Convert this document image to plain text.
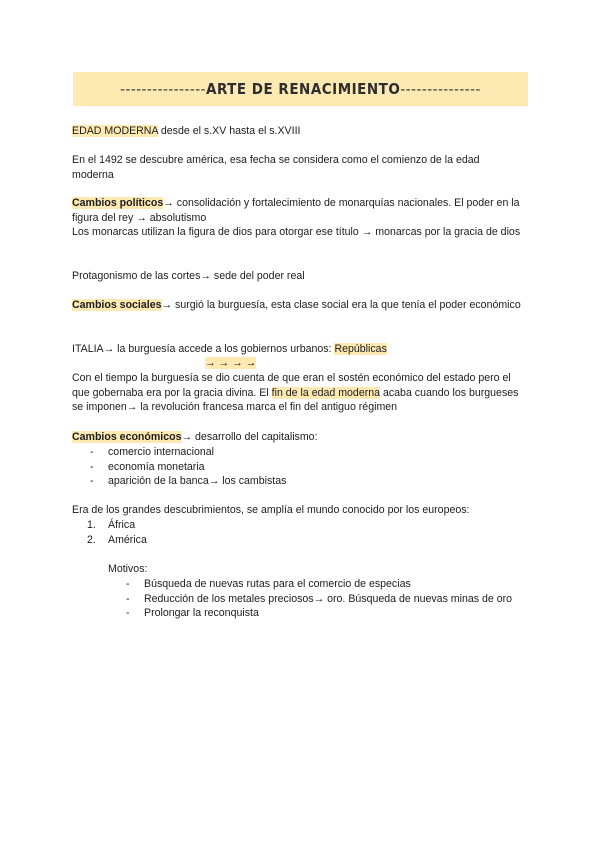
---------------- ARTE DE RENACIMIENTO ---------------

EDAD MODERNA desde el s.XV hasta el s.XVIII

En el 1492 se descubre américa, esa fecha se considera como el comienzo de la edad moderna

Cambios políticos→ consolidación y fortalecimiento de monarquías nacionales. El poder en la figura del rey → absolutismo
Los monarcas utilizan la figura de dios para otorgar ese título → monarcas por la gracia de dios

Protagonismo de las cortes→ sede del poder real

Cambios sociales→ surgió la burguesía, esta clase social era la que tenía el poder económico

ITALIA→ la burguesía accede a los gobiernos urbanos: Repúblicas

→ → → →

Con el tiempo la burguesía se dio cuenta de que eran el sostén económico del estado pero el que gobernaba era por la gracia divina. El fin de la edad moderna acaba cuando los burgueses se imponen→ la revolución francesa marca el fin del antiguo régimen

Cambios económicos→ desarrollo del capitalismo:

- comercio internacional
- economía monetaria
- aparición de la banca→ los cambistas

Era de los grandes descubrimientos, se amplía el mundo conocido por los europeos:

1. África
2. América

Motivos:

- Búsqueda de nuevas rutas para el comercio de especias
- Reducción de los metales preciosos→ oro. Búsqueda de nuevas minas de oro
- Prolongar la reconquista
